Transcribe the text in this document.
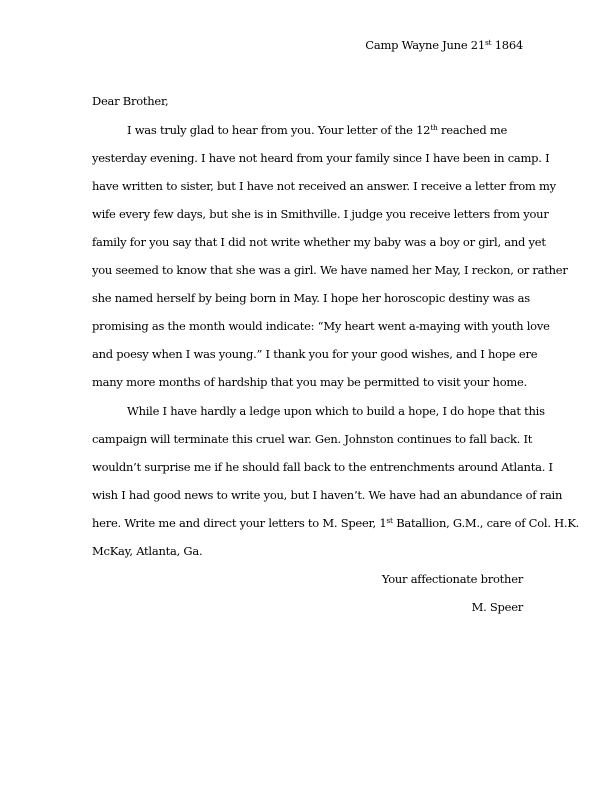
Camp Wayne June 21st 1864
Dear Brother,
I was truly glad to hear from you. Your letter of the 12th reached me
yesterday evening. I have not heard from your family since I have been in camp. I
have written to sister, but I have not received an answer. I receive a letter from my
wife every few days, but she is in Smithville. I judge you receive letters from your
family for you say that I did not write whether my baby was a boy or girl, and yet
you seemed to know that she was a girl. We have named her May, I reckon, or rather
she named herself by being born in May. I hope her horoscopic destiny was as
promising as the month would indicate: “My heart went a-maying with youth love
and poesy when I was young.” I thank you for your good wishes, and I hope ere
many more months of hardship that you may be permitted to visit your home.
While I have hardly a ledge upon which to build a hope, I do hope that this
campaign will terminate this cruel war. Gen. Johnston continues to fall back. It
wouldn’t surprise me if he should fall back to the entrenchments around Atlanta. I
wish I had good news to write you, but I haven’t. We have had an abundance of rain
here. Write me and direct your letters to M. Speer, 1st Batallion, G.M., care of Col. H.K.
McKay, Atlanta, Ga.
Your affectionate brother
M. Speer
